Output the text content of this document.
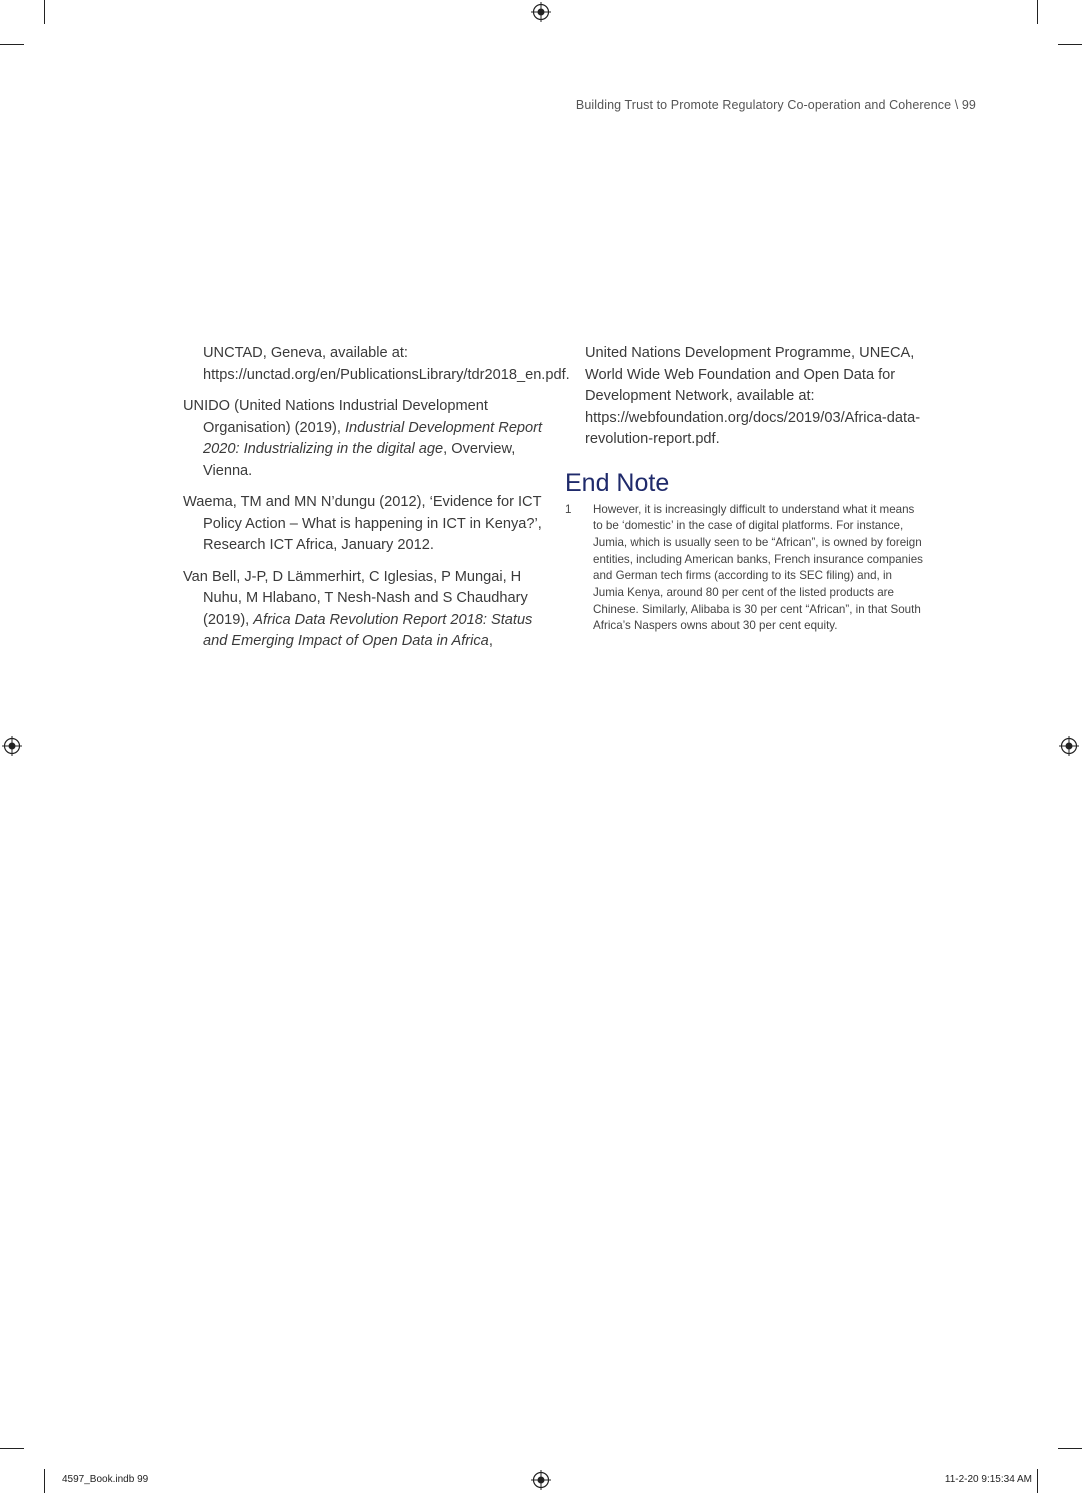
Building Trust to Promote Regulatory Co-operation and Coherence \ 99

UNCTAD, Geneva, available at: https://unctad.org/en/PublicationsLibrary/tdr2018_en.pdf.

UNIDO (United Nations Industrial Development Organisation) (2019), Industrial Development Report 2020: Industrializing in the digital age, Overview, Vienna.

Waema, TM and MN N’dungu (2012), ‘Evidence for ICT Policy Action – What is happening in ICT in Kenya?’, Research ICT Africa, January 2012.

Van Bell, J-P, D Lämmerhirt, C Iglesias, P Mungai, H Nuhu, M Hlabano, T Nesh-Nash and S Chaudhary (2019), Africa Data Revolution Report 2018: Status and Emerging Impact of Open Data in Africa,

United Nations Development Programme, UNECA, World Wide Web Foundation and Open Data for Development Network, available at: https://webfoundation.org/docs/2019/03/Africa-data-revolution-report.pdf.

End Note
1	However, it is increasingly difficult to understand what it means to be ‘domestic’ in the case of digital platforms. For instance, Jumia, which is usually seen to be “African”, is owned by foreign entities, including American banks, French insurance companies and German tech firms (according to its SEC filing) and, in Jumia Kenya, around 80 per cent of the listed products are Chinese. Similarly, Alibaba is 30 per cent “African”, in that South Africa’s Naspers owns about 30 per cent equity.
4597_Book.indb 99	11-2-20 9:15:34 AM
